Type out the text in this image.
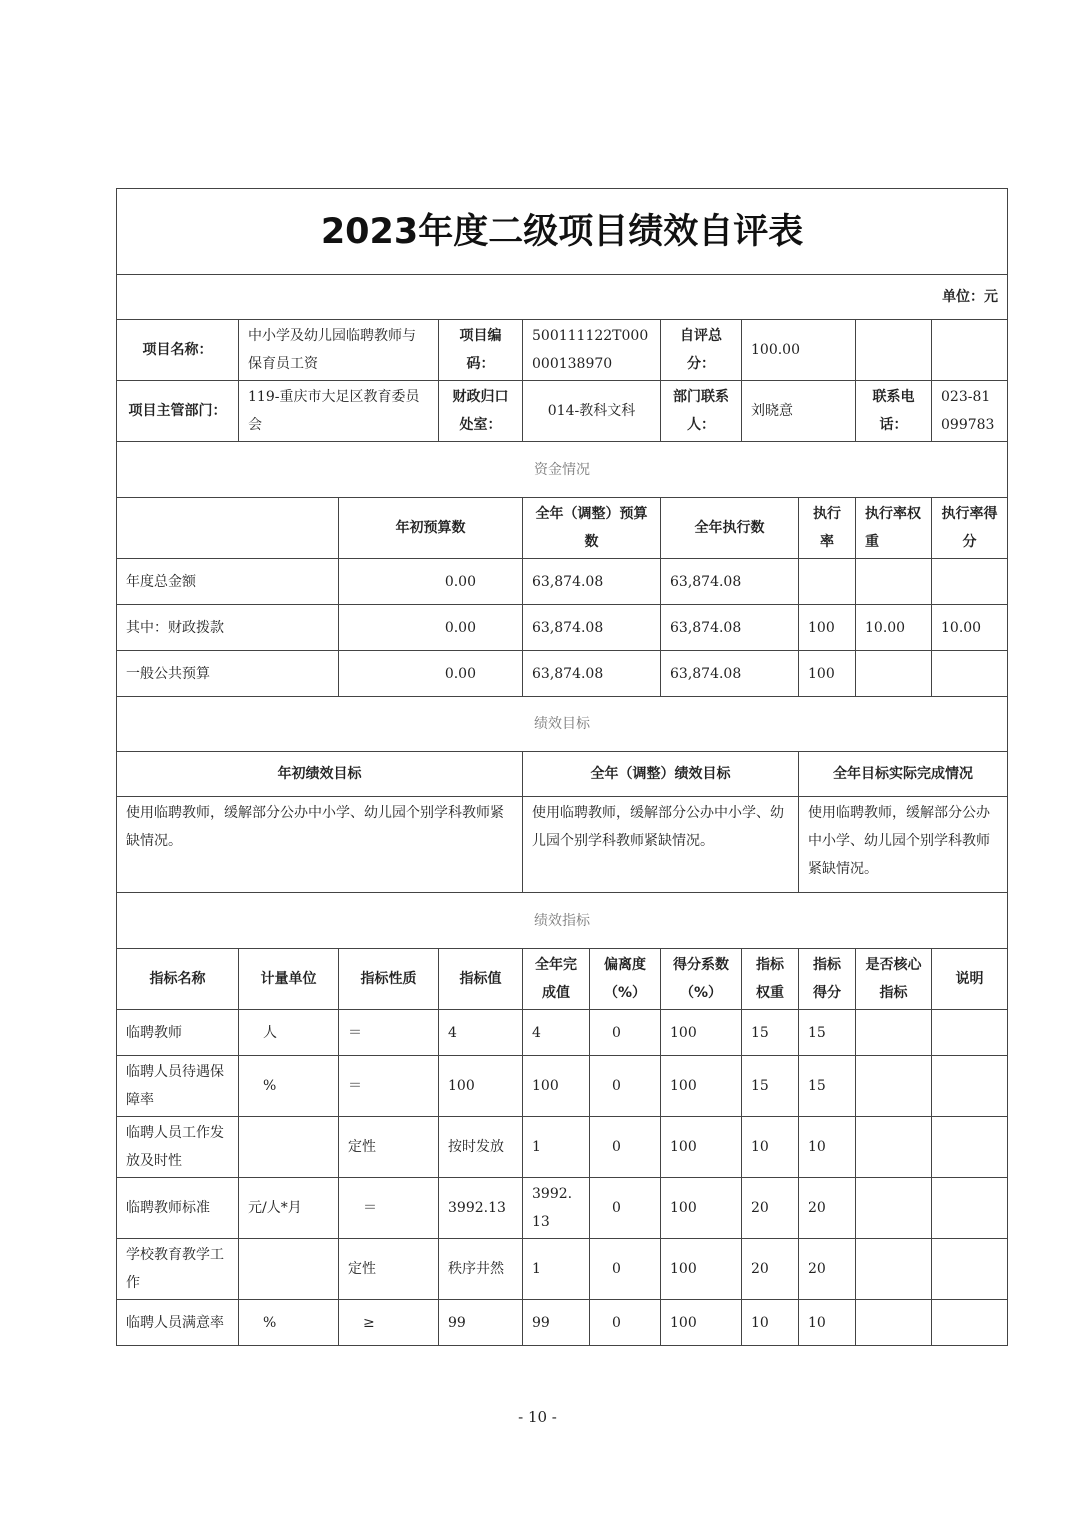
2023年度二级项目绩效自评表										
单位：元										
项目名称：	中小学及幼儿园临聘教师与保育员工资		项目编码：	500111122T000000138970		自评总分：	100.00			
项目主管部门：	119-重庆市大足区教育委员会		财政归口处室：	014-教科文科		部门联系人：	刘晓意		联系电话：	023-81099783
资金情况										
		年初预算数		全年（调整）预算数		全年执行数		执行率	执行率权重	执行率得分
年度总金额		0.00		63,874.08		63,874.08				
其中：财政拨款		0.00		63,874.08		63,874.08		100	10.00	10.00
一般公共预算		0.00		63,874.08		63,874.08		100		
绩效目标										
年初绩效目标				全年（调整）绩效目标				全年目标实际完成情况		
使用临聘教师，缓解部分公办中小学、幼儿园个别学科教师紧缺情况。				使用临聘教师，缓解部分公办中小学、幼儿园个别学科教师紧缺情况。				使用临聘教师，缓解部分公办中小学、幼儿园个别学科教师紧缺情况。		
绩效指标										
指标名称	计量单位	指标性质	指标值	全年完成值	偏离度（%）	得分系数（%）	指标权重	指标得分	是否核心指标	说明
临聘教师	人	＝	4	4	0	100	15	15		
临聘人员待遇保障率	%	＝	100	100	0	100	15	15		
临聘人员工作发放及时性		定性	按时发放	1	0	100	10	10		
临聘教师标准	元/人*月	＝	3992.13	3992.13	0	100	20	20		
学校教育教学工作		定性	秩序井然	1	0	100	20	20		
临聘人员满意率	%	≥	99	99	0	100	10	10		
- 10 -
